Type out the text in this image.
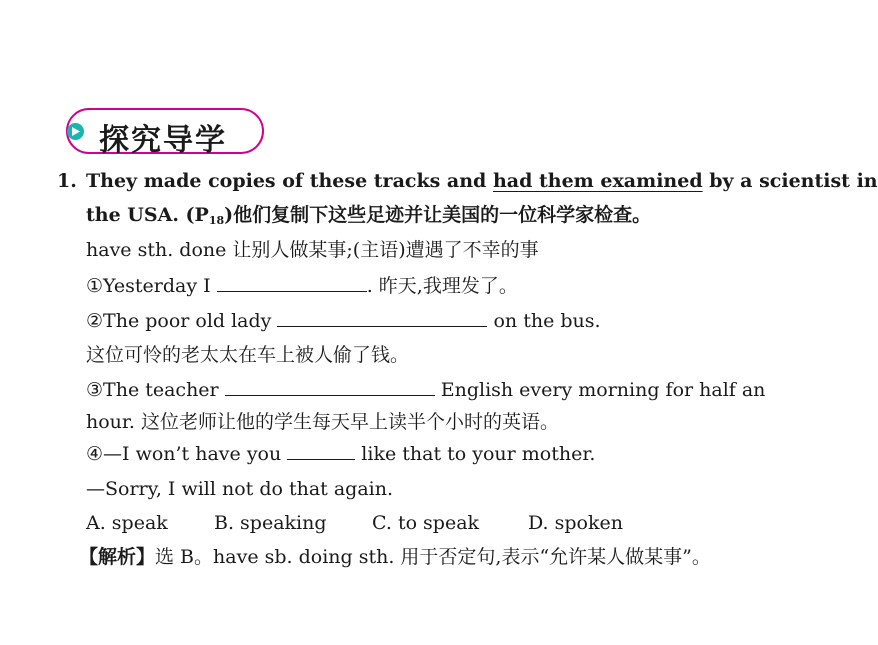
探究导学
1. They made copies of these tracks and had them examined by a scientist in
the USA. $(P_{18})$他们复制下这些足迹并让美国的一位科学家检查。
have sth. done 让别人做某事;(主语)遭遇了不幸的事
①Yesterday I	. 昨天,我理发了。
②The poor old lady	on the bus.
这位可怜的老太太在车上被人偷了钱。
③The teacher	English every morning for half an
hour. 这位老师让他的学生每天早上读半个小时的英语。
④—I won’t have you	like that to your mother.
—Sorry, I will not do that again.
A. speak B. speaking C. to speak	D. spoken
【解析】选 B。have sb. doing sth. 用于否定句,表示“允许某人做某事”。
